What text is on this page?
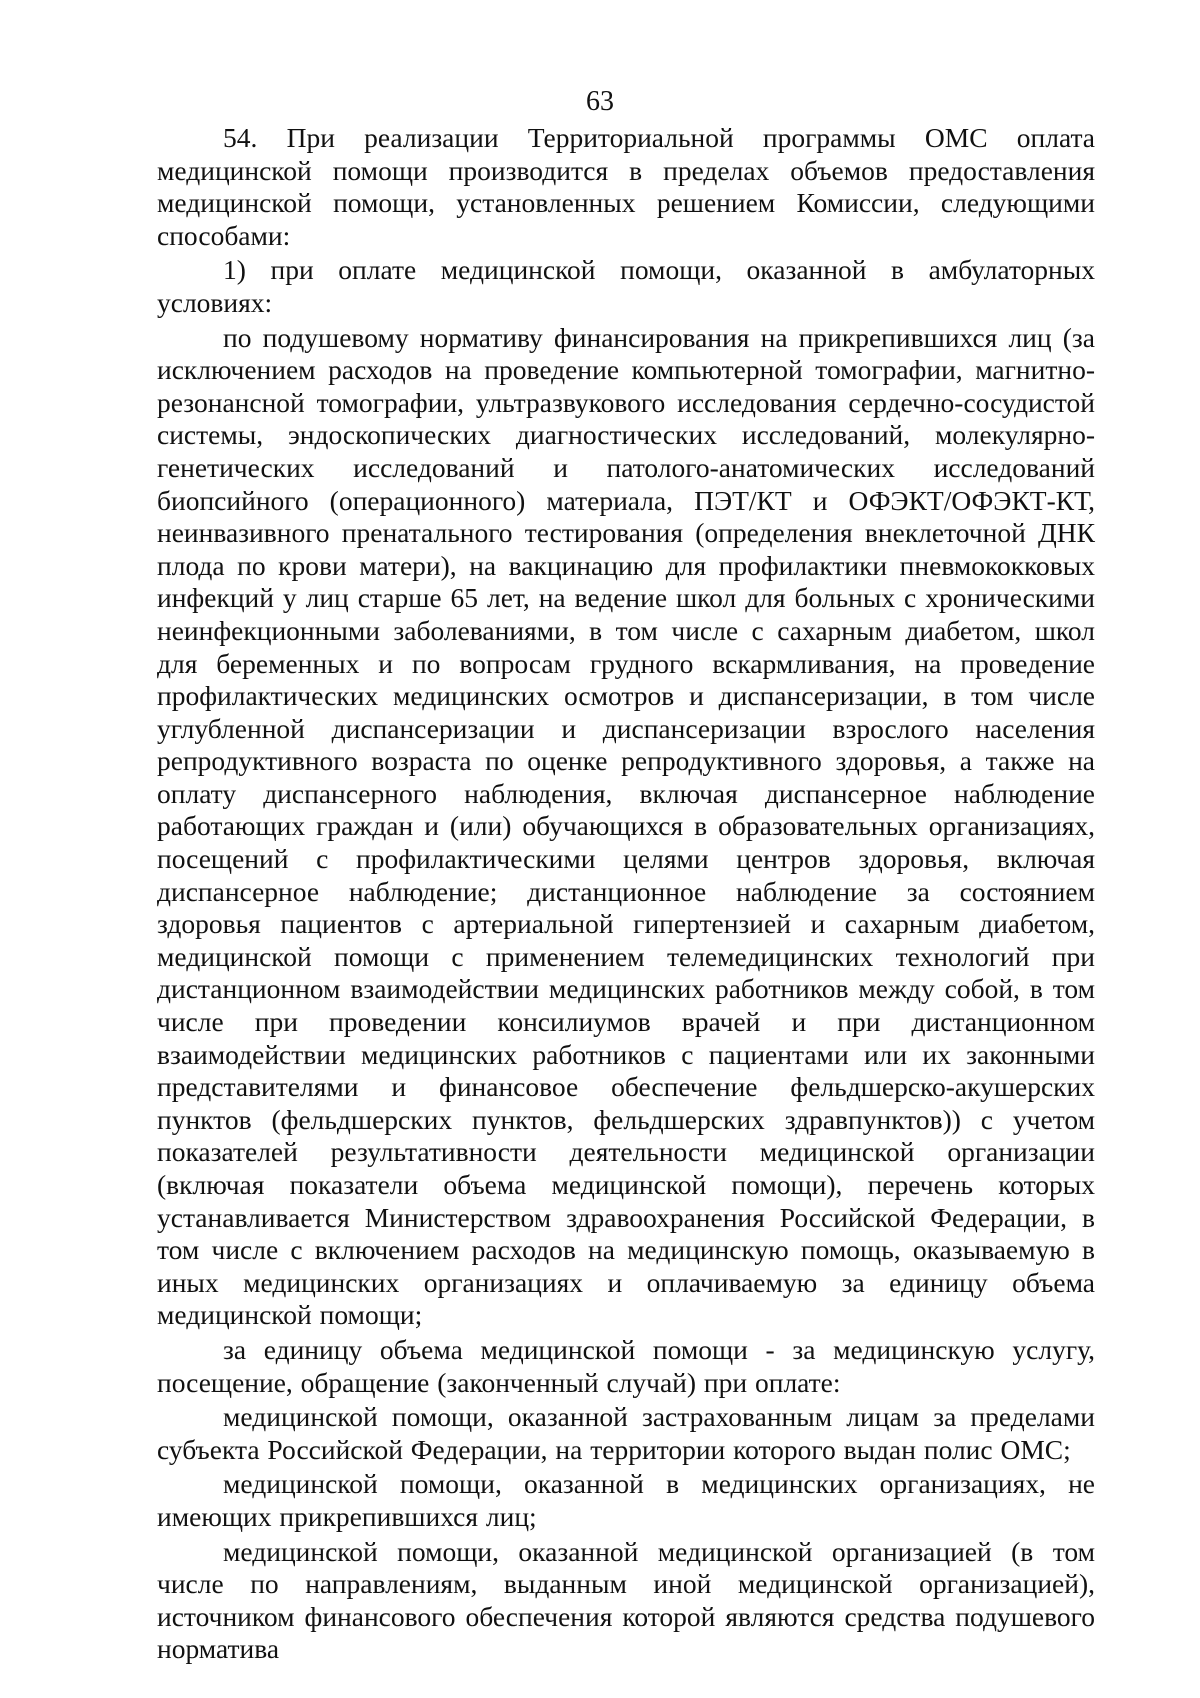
63

54. При реализации Территориальной программы ОМС оплата медицинской помощи производится в пределах объемов предоставления медицинской помощи, установленных решением Комиссии, следующими способами:

1) при оплате медицинской помощи, оказанной в амбулаторных условиях:

по подушевому нормативу финансирования на прикрепившихся лиц (за исключением расходов на проведение компьютерной томографии, магнитно-резонансной томографии, ультразвукового исследования сердечно-сосудистой системы, эндоскопических диагностических исследований, молекулярно-генетических исследований и патолого-анатомических исследований биопсийного (операционного) материала, ПЭТ/КТ и ОФЭКТ/ОФЭКТ-КТ, неинвазивного пренатального тестирования (определения внеклеточной ДНК плода по крови матери), на вакцинацию для профилактики пневмококковых инфекций у лиц старше 65 лет, на ведение школ для больных с хроническими неинфекционными заболеваниями, в том числе с сахарным диабетом, школ для беременных и по вопросам грудного вскармливания, на проведение профилактических медицинских осмотров и диспансеризации, в том числе углубленной диспансеризации и диспансеризации взрослого населения репродуктивного возраста по оценке репродуктивного здоровья, а также на оплату диспансерного наблюдения, включая диспансерное наблюдение работающих граждан и (или) обучающихся в образовательных организациях, посещений с профилактическими целями центров здоровья, включая диспансерное наблюдение; дистанционное наблюдение за состоянием здоровья пациентов с артериальной гипертензией и сахарным диабетом, медицинской помощи с применением телемедицинских технологий при дистанционном взаимодействии медицинских работников между собой, в том числе при проведении консилиумов врачей и при дистанционном взаимодействии медицинских работников с пациентами или их законными представителями и финансовое обеспечение фельдшерско-акушерских пунктов (фельдшерских пунктов, фельдшерских здравпунктов)) с учетом показателей результативности деятельности медицинской организации (включая показатели объема медицинской помощи), перечень которых устанавливается Министерством здравоохранения Российской Федерации, в том числе с включением расходов на медицинскую помощь, оказываемую в иных медицинских организациях и оплачиваемую за единицу объема медицинской помощи;

за единицу объема медицинской помощи - за медицинскую услугу, посещение, обращение (законченный случай) при оплате:

медицинской помощи, оказанной застрахованным лицам за пределами субъекта Российской Федерации, на территории которого выдан полис ОМС;

медицинской помощи, оказанной в медицинских организациях, не имеющих прикрепившихся лиц;

медицинской помощи, оказанной медицинской организацией (в том числе по направлениям, выданным иной медицинской организацией), источником финансового обеспечения которой являются средства подушевого норматива
